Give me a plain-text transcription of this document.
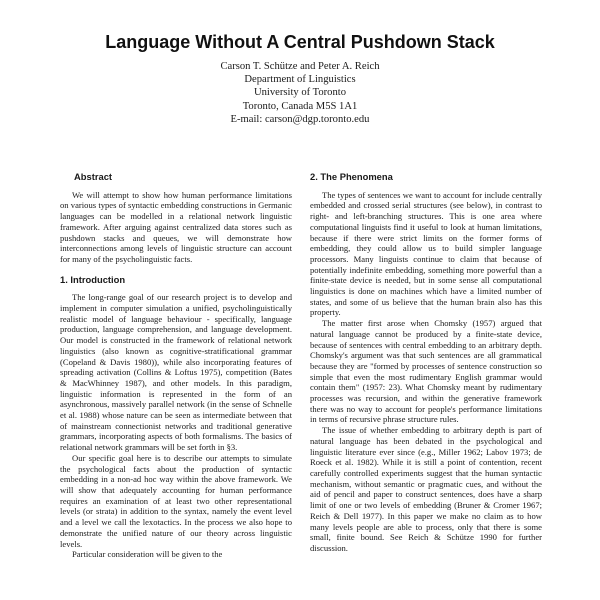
Language Without A Central Pushdown Stack
Carson T. Schütze and Peter A. Reich
Department of Linguistics
University of Toronto
Toronto, Canada M5S 1A1
E-mail: carson@dgp.toronto.edu
Abstract

We will attempt to show how human performance limitations on various types of syntactic embedding constructions in Germanic languages can be modelled in a relational network linguistic framework. After arguing against centralized data stores such as pushdown stacks and queues, we will demonstrate how interconnections among levels of linguistic structure can account for many of the psycholinguistic facts.

1. Introduction

The long-range goal of our research project is to develop and implement in computer simulation a unified, psycholinguistically realistic model of language behaviour - specifically, language production, language comprehension, and language development. Our model is constructed in the framework of relational network linguistics (also known as cognitive-stratificational grammar (Copeland & Davis 1980)), while also incorporating features of spreading activation (Collins & Loftus 1975), competition (Bates & MacWhinney 1987), and other models. In this paradigm, linguistic information is represented in the form of an asynchronous, massively parallel network (in the sense of Schnelle et al. 1988) whose nature can be seen as intermediate between that of mainstream connectionist networks and traditional generative grammars, incorporating aspects of both formalisms. The basics of relational network grammars will be set forth in §3.

Our specific goal here is to describe our attempts to simulate the psychological facts about the production of syntactic embedding in a non-ad hoc way within the above framework. We will show that adequately accounting for human performance requires an examination of at least two other representational levels (or strata) in addition to the syntax, namely the event level and a level we call the lexotactics. In the process we also hope to demonstrate the unified nature of our theory across linguistic levels.

Particular consideration will be given to the

2. The Phenomena

The types of sentences we want to account for include centrally embedded and crossed serial structures (see below), in contrast to right- and left-branching structures. This is one area where computational linguists find it useful to look at human limitations, because if there were strict limits on the former forms of embedding, they could allow us to build simpler language processors. Many linguists continue to claim that because of potentially indefinite embedding, something more powerful than a finite-state device is needed, but in some sense all computational linguistics is done on machines which have a limited number of states, and some of us believe that the human brain also has this property.

The matter first arose when Chomsky (1957) argued that natural language cannot be produced by a finite-state device, because of sentences with central embedding to an arbitrary depth. Chomsky's argument was that such sentences are all grammatical because they are "formed by processes of sentence construction so simple that even the most rudimentary English grammar would contain them" (1957: 23). What Chomsky meant by rudimentary processes was recursion, and within the generative framework there was no way to account for people's performance limitations in terms of recursive phrase structure rules.

The issue of whether embedding to arbitrary depth is part of natural language has been debated in the psychological and linguistic literature ever since (e.g., Miller 1962; Labov 1973; de Roeck et al. 1982). While it is still a point of contention, recent carefully controlled experiments suggest that the human syntactic mechanism, without semantic or pragmatic cues, and without the aid of pencil and paper to construct sentences, does have a sharp limit of one or two levels of embedding (Bruner & Cromer 1967; Reich & Dell 1977). In this paper we make no claim as to how many levels people are able to process, only that there is some small, finite bound. See Reich & Schütze 1990 for further discussion.
